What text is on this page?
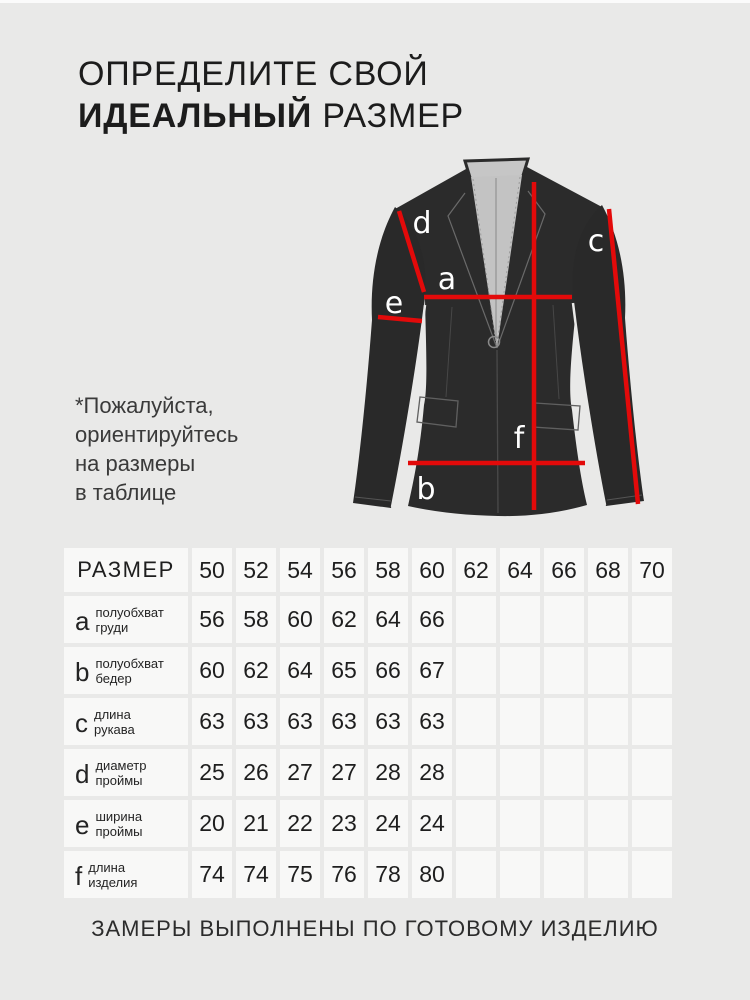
ОПРЕДЕЛИТЕ СВОЙ
ИДЕАЛЬНЫЙ РАЗМЕР
*Пожалуйста,
ориентируйтесь
на размеры
в таблице
d
a
e
c
f
b
РАЗМЕР	50 52 54 56 58 60 62 64 66 68 70
a полуобхват
груди	56 58 60 62 64 66
b полуобхват
бедер	60 62 64 65 66 67
c длина
рукава	63 63 63 63 63 63
d диаметр
проймы	25 26 27 27 28 28
e ширина
проймы	20 21 22 23 24 24
f длина
изделия	74 74 75 76 78 80
ЗАМЕРЫ ВЫПОЛНЕНЫ ПО ГОТОВОМУ ИЗДЕЛИЮ
